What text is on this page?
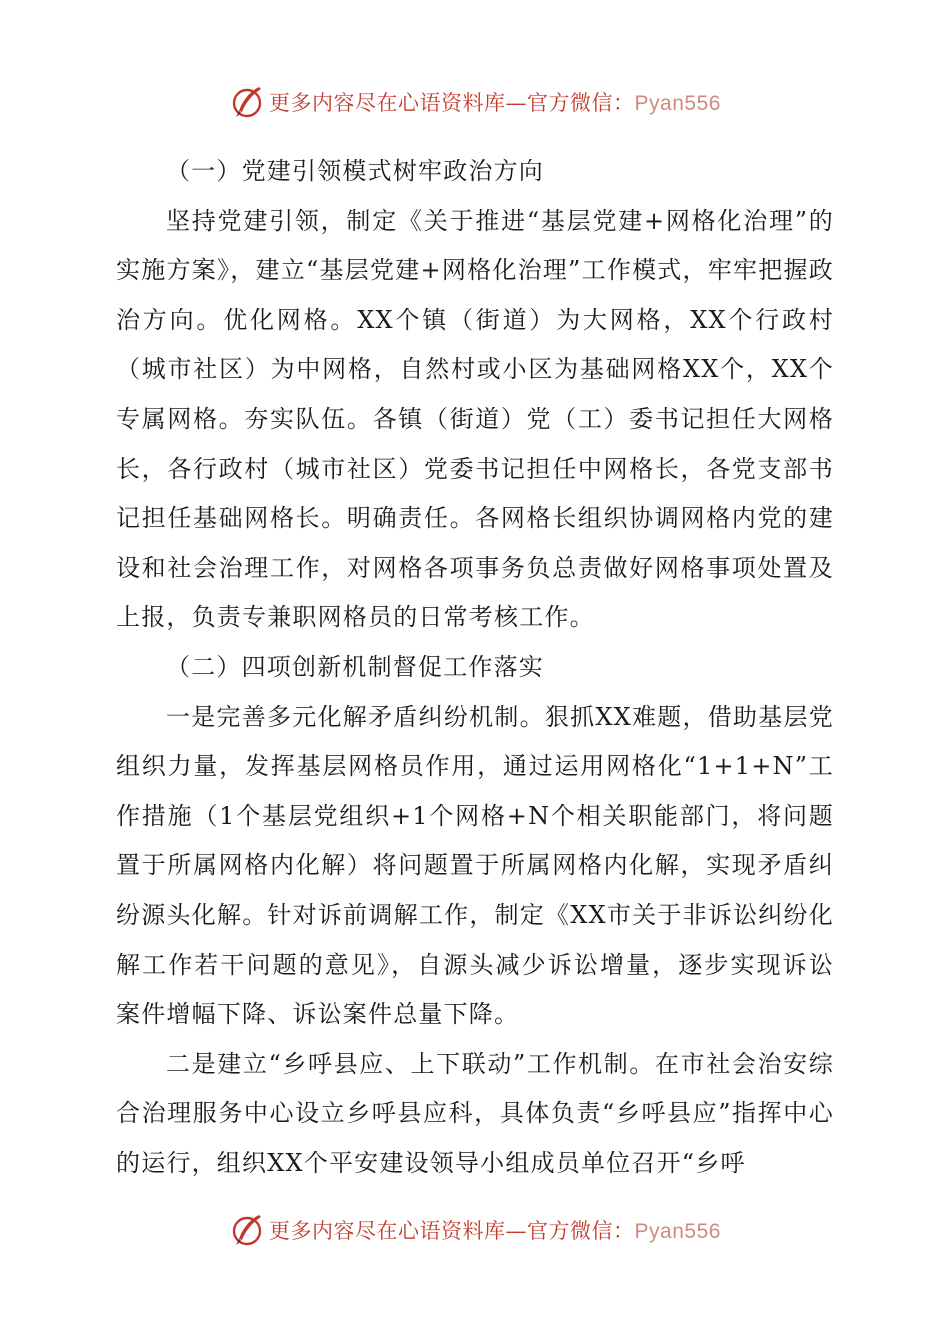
更多内容尽在心语资料库—官方微信：Pyan556

（一）党建引领模式树牢政治方向

坚持党建引领，制定《关于推进“基层党建+网格化治理”的实施方案》，建立“基层党建+网格化治理”工作模式，牢牢把握政治方向。优化网格。XX个镇（街道）为大网格，XX个行政村（城市社区）为中网格，自然村或小区为基础网格XX个，XX个专属网格。夯实队伍。各镇（街道）党（工）委书记担任大网格长，各行政村（城市社区）党委书记担任中网格长，各党支部书记担任基础网格长。明确责任。各网格长组织协调网格内党的建设和社会治理工作，对网格各项事务负总责做好网格事项处置及上报，负责专兼职网格员的日常考核工作。

（二）四项创新机制督促工作落实

一是完善多元化解矛盾纠纷机制。狠抓XX难题，借助基层党组织力量，发挥基层网格员作用，通过运用网格化“1+1+N”工作措施（1个基层党组织+1个网格+N个相关职能部门，将问题置于所属网格内化解）将问题置于所属网格内化解，实现矛盾纠纷源头化解。针对诉前调解工作，制定《XX市关于非诉讼纠纷化解工作若干问题的意见》，自源头减少诉讼增量，逐步实现诉讼案件增幅下降、诉讼案件总量下降。

二是建立“乡呼县应、上下联动”工作机制。在市社会治安综合治理服务中心设立乡呼县应科，具体负责“乡呼县应”指挥中心的运行，组织XX个平安建设领导小组成员单位召开“乡呼

更多内容尽在心语资料库—官方微信：Pyan556
